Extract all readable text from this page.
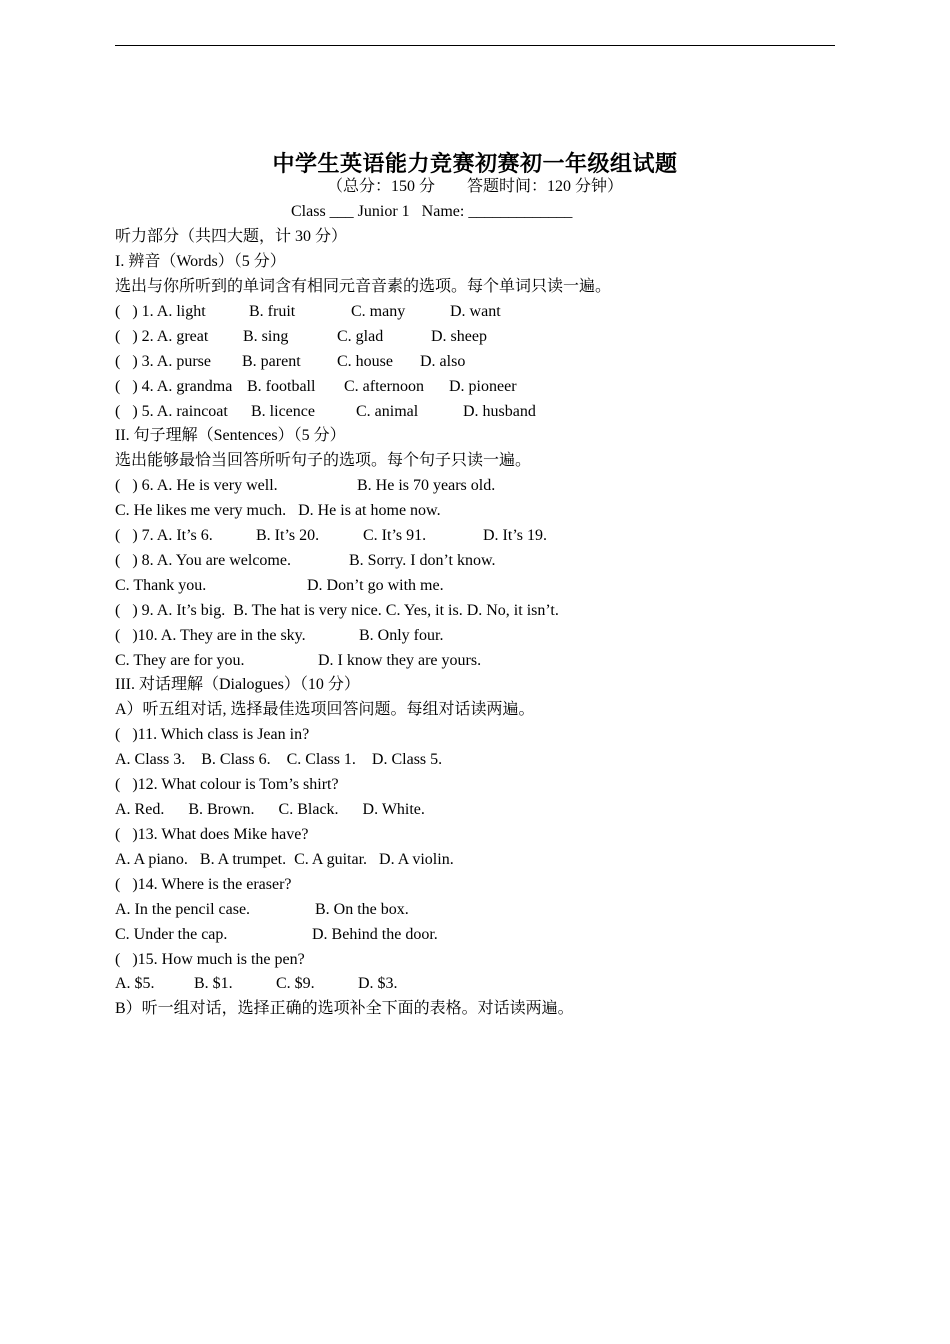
中学生英语能力竞赛初赛初一年级组试题
（总分：150 分        答题时间：120 分钟）
Class ___ Junior 1   Name: _____________
听力部分（共四大题，计 30 分）
I. 辨音（Words）（5 分）
选出与你所听到的单词含有相同元音音素的选项。每个单词只读一遍。
(   ) 1. A. light	B. fruit	C. many	D. want
(   ) 2. A. great B. sing	C. glad	D. sheep
(   ) 3. A. purse B. parent C. house D. also
(   ) 4. A. grandma B. football C. afternoon D. pioneer
(   ) 5. A. raincoat B. licence	C. animal	D. husband
II. 句子理解（Sentences）（5 分）
选出能够最恰当回答所听句子的选项。每个句子只读一遍。
(   ) 6. A. He is very well.	B. He is 70 years old.
C. He likes me very much.   D. He is at home now.
(   ) 7. A. It’s 6.	B. It’s 20.	C. It’s 91.	D. It’s 19.
(   ) 8. A. You are welcome.	B. Sorry. I don’t know.
C. Thank you.	D. Don’t go with me.
(   ) 9. A. It’s big.  B. The hat is very nice. C. Yes, it is. D. No, it isn’t.
(   )10. A. They are in the sky.	B. Only four.
C. They are for you.	D. I know they are yours.
III. 对话理解（Dialogues）（10 分）
A）听五组对话, 选择最佳选项回答问题。每组对话读两遍。
(   )11. Which class is Jean in?
A. Class 3.    B. Class 6.    C. Class 1.    D. Class 5.
(   )12. What colour is Tom’s shirt?
A. Red.      B. Brown.      C. Black.      D. White.
(   )13. What does Mike have?
A. A piano.   B. A trumpet.  C. A guitar.   D. A violin.
(   )14. Where is the eraser?
A. In the pencil case.	B. On the box.
C. Under the cap.	D. Behind the door.
(   )15. How much is the pen?
A. $5. B. $1.	C. $9.	D. $3.
B）听一组对话，选择正确的选项补全下面的表格。对话读两遍。
